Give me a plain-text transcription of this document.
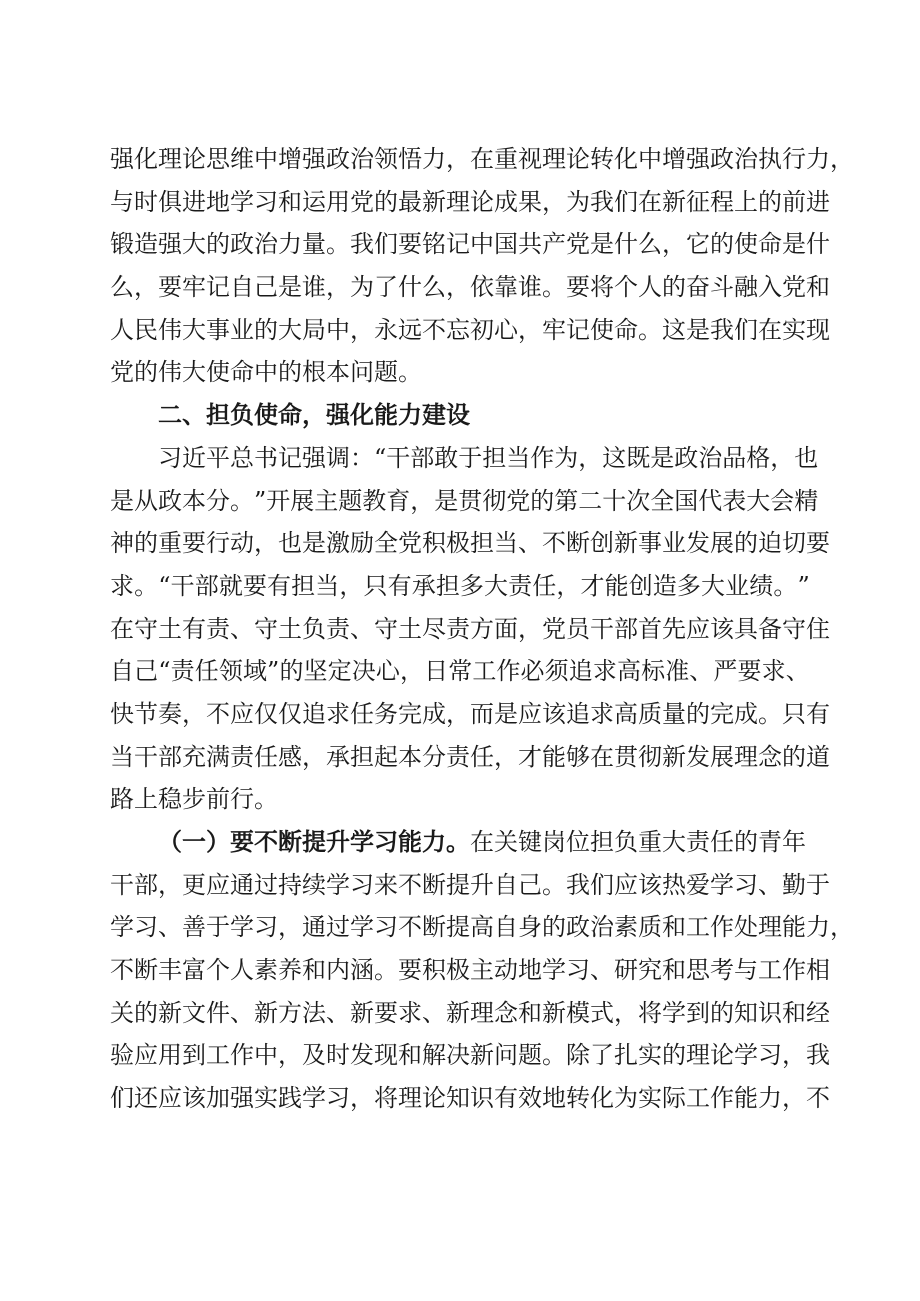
强 化 理 论 思 维 中 增 强 政 治 领 悟 力 ， 在 重 视 理 论 转 化 中 增 强 政 治 执 行 力 ，
与 时 俱 进 地 学 习 和 运 用 党 的 最 新 理 论 成 果 ， 为 我 们 在 新 征 程 上 的 前 进
锻 造 强 大 的 政 治 力 量 。 我 们 要 铭 记 中 国 共 产 党 是 什 么 ， 它 的 使 命 是 什
么 ， 要 牢 记 自 己 是 谁 ， 为 了 什 么 ， 依 靠 谁 。 要 将 个 人 的 奋 斗 融 入 党 和
人 民 伟 大 事 业 的 大 局 中 ， 永 远 不 忘 初 心 ， 牢 记 使 命 。 这 是 我 们 在 实 现
党的伟大使命中的根本问题。
二、担负使命，强化能力建设
习 近 平 总 书 记 强 调 ： “ 干 部 敢 于 担 当 作 为 ， 这 既 是 政 治 品 格 ， 也
是 从 政 本 分 。 ” 开 展 主 题 教 育 ， 是 贯 彻 党 的 第 二 十 次 全 国 代 表 大 会 精
神 的 重 要 行 动 ， 也 是 激 励 全 党 积 极 担 当 、 不 断 创 新 事 业 发 展 的 迫 切 要
求 。 “ 干 部 就 要 有 担 当 ， 只 有 承 担 多 大 责 任 ， 才 能 创 造 多 大 业 绩 。 ”
在 守 土 有 责 、 守 土 负 责 、 守 土 尽 责 方 面 ， 党 员 干 部 首 先 应 该 具 备 守 住
自 己 “ 责 任 领 域 ” 的 坚 定 决 心 ， 日 常 工 作 必 须 追 求 高 标 准 、 严 要 求 、
快 节 奏 ， 不 应 仅 仅 追 求 任 务 完 成 ， 而 是 应 该 追 求 高 质 量 的 完 成 。 只 有
当 干 部 充 满 责 任 感 ， 承 担 起 本 分 责 任 ， 才 能 够 在 贯 彻 新 发 展 理 念 的 道
路上稳步前行。
（一）要不断提升学习能力。 在关键岗位担负重大责任的青年
干 部 ， 更 应 通 过 持 续 学 习 来 不 断 提 升 自 己 。 我 们 应 该 热 爱 学 习 、 勤 于
学 习 、 善 于 学 习 ， 通 过 学 习 不 断 提 高 自 身 的 政 治 素 质 和 工 作 处 理 能 力 ，
不 断 丰 富 个 人 素 养 和 内 涵 。 要 积 极 主 动 地 学 习 、 研 究 和 思 考 与 工 作 相
关 的 新 文 件 、 新 方 法 、 新 要 求 、 新 理 念 和 新 模 式 ， 将 学 到 的 知 识 和 经
验 应 用 到 工 作 中 ， 及 时 发 现 和 解 决 新 问 题 。 除 了 扎 实 的 理 论 学 习 ， 我
们 还 应 该 加 强 实 践 学 习 ， 将 理 论 知 识 有 效 地 转 化 为 实 际 工 作 能 力 ， 不
